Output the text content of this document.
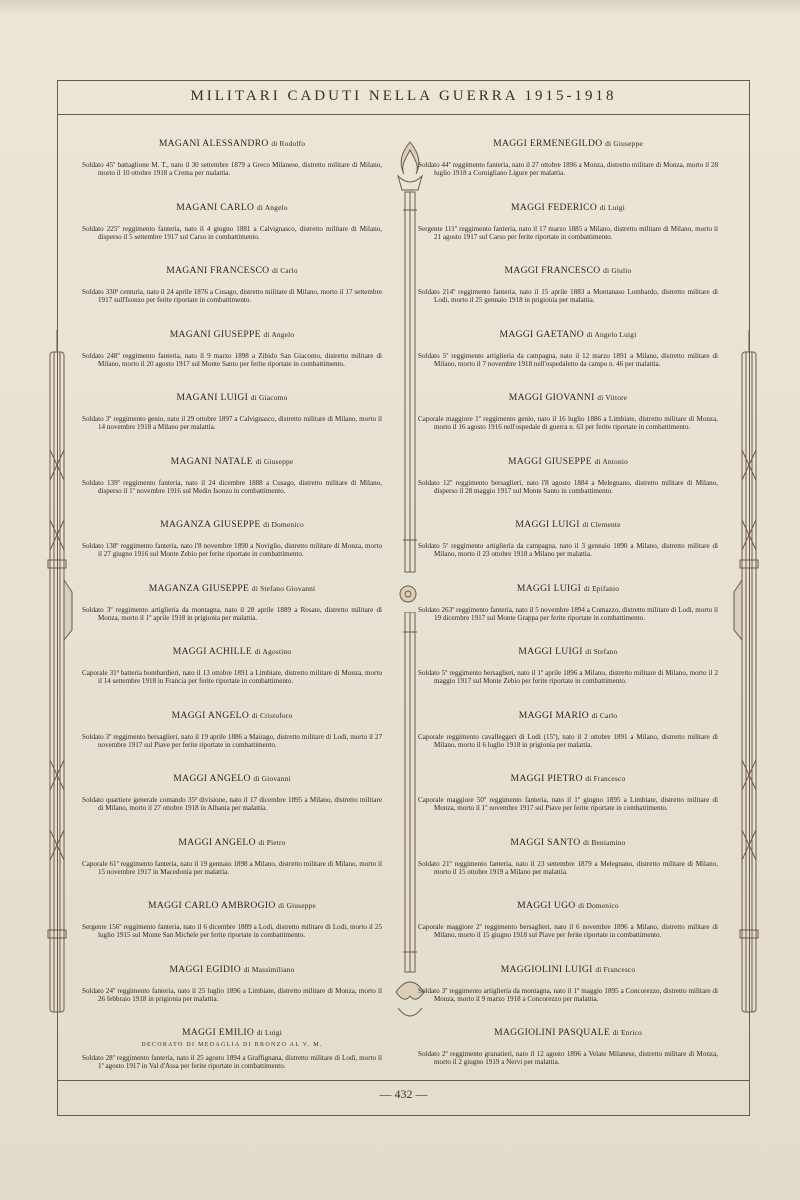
MILITARI CADUTI NELLA GUERRA 1915-1918
MAGANI ALESSANDRO di Rodolfo
Soldato 45º battaglione M. T., nato il 30 settembre 1879 a Greco Milanese, distretto militare di Milano, morto il 10 ottobre 1918 a Crema per malattia.
MAGANI CARLO di Angelo
Soldato 225º reggimento fanteria, nato il 4 giugno 1881 a Calvignasco, distretto militare di Milano, disperso il 5 settembre 1917 sul Carso in combattimento.
MAGANI FRANCESCO di Carlo
Soldato 330ª centuria, nato il 24 aprile 1876 a Cusago, distretto militare di Milano, morto il 17 settembre 1917 sull'Isonzo per ferite riportate in combattimento.
MAGANI GIUSEPPE di Angelo
Soldato 248º reggimento fanteria, nato il 9 marzo 1898 a Zibido San Giacomo, distretto militare di Milano, morto il 20 agosto 1917 sul Monte Santo per ferite riportate in combattimento.
MAGANI LUIGI di Giacomo
Soldato 3º reggimento genio, nato il 29 ottobre 1897 a Calvignasco, distretto militare di Milano, morto il 14 novembre 1918 a Milano per malattia.
MAGANI NATALE di Giuseppe
Soldato 139º reggimento fanteria, nato il 24 dicembre 1888 a Cusago, distretto militare di Milano, disperso il 1º novembre 1916 sul Medio Isonzo in combattimento.
MAGANZA GIUSEPPE di Domenico
Soldato 138º reggimento fanteria, nato l'8 novembre 1890 a Noviglio, distretto militare di Monza, morto il 27 giugno 1916 sul Monte Zebio per ferite riportate in combattimento.
MAGANZA GIUSEPPE di Stefano Giovanni
Soldato 3º reggimento artiglieria da montagna, nato il 28 aprile 1889 a Rosate, distretto militare di Monza, morto il 1º aprile 1918 in prigionia per malattia.
MAGGI ACHILLE di Agostino
Caporale 31ª batteria bombardieri, nato il 13 ottobre 1891 a Limbiate, distretto militare di Monza, morto il 14 settembre 1918 in Francia per ferite riportate in combattimento.
MAGGI ANGELO di Cristoforo
Soldato 3º reggimento bersaglieri, nato il 19 aprile 1886 a Mairago, distretto militare di Lodi, morto il 27 novembre 1917 sul Piave per ferite riportate in combattimento.
MAGGI ANGELO di Giovanni
Soldato quartiere generale comando 35ª divisione, nato il 17 dicembre 1895 a Milano, distretto militare di Milano, morto il 27 ottobre 1918 in Albania per malattia.
MAGGI ANGELO di Pietro
Caporale 61º reggimento fanteria, nato il 19 gennaio 1898 a Milano, distretto militare di Milano, morto il 15 novembre 1917 in Macedonia per malattia.
MAGGI CARLO AMBROGIO di Giuseppe
Sergente 156º reggimento fanteria, nato il 6 dicembre 1889 a Lodi, distretto militare di Lodi, morto il 25 luglio 1915 sul Monte San Michele per ferite riportate in combattimento.
MAGGI EGIDIO di Massimiliano
Soldato 24º reggimento fanteria, nato il 25 luglio 1896 a Limbiate, distretto militare di Monza, morto il 26 febbraio 1918 in prigionia per malattia.
MAGGI EMILIO di Luigi
DECORATO DI MEDAGLIA DI BRONZO AL V. M.
Soldato 28º reggimento fanteria, nato il 25 agosto 1894 a Graffignana, distretto militare di Lodi, morto il 1º agosto 1917 in Val d'Assa per ferite riportate in combattimento.
MAGGI ERMENEGILDO di Giuseppe
Soldato 44º reggimento fanteria, nato il 27 ottobre 1896 a Monza, distretto militare di Monza, morto il 28 luglio 1918 a Cornigliano Ligure per malattia.
MAGGI FEDERICO di Luigi
Sergente 111º reggimento fanteria, nato il 17 marzo 1885 a Milano, distretto militare di Milano, morto il 21 agosto 1917 sul Carso per ferite riportate in combattimento.
MAGGI FRANCESCO di Giulio
Soldato 214º reggimento fanteria, nato il 15 aprile 1883 a Montanaso Lombardo, distretto militare di Lodi, morto il 25 gennaio 1918 in prigionia per malattia.
MAGGI GAETANO di Angelo Luigi
Soldato 5º reggimento artiglieria da campagna, nato il 12 marzo 1891 a Milano, distretto militare di Milano, morto il 7 novembre 1918 nell'ospedaletto da campo n. 46 per malattia.
MAGGI GIOVANNI di Vittore
Caporale maggiore 1º reggimento genio, nato il 16 luglio 1886 a Limbiate, distretto militare di Monza, morto il 16 agosto 1916 nell'ospedale di guerra n. 63 per ferite riportate in combattimento.
MAGGI GIUSEPPE di Antonio
Soldato 12º reggimento bersaglieri, nato l'8 agosto 1884 a Melegnano, distretto militare di Milano, disperso il 28 maggio 1917 sul Monte Santo in combattimento.
MAGGI LUIGI di Clemente
Soldato 5º reggimento artiglieria da campagna, nato il 3 gennaio 1890 a Milano, distretto militare di Milano, morto il 23 ottobre 1918 a Milano per malattia.
MAGGI LUIGI di Epifanio
Soldato 263º reggimento fanteria, nato il 5 novembre 1894 a Comazzo, distretto militare di Lodi, morto il 19 dicembre 1917 sul Monte Grappa per ferite riportate in combattimento.
MAGGI LUIGI di Stefano
Soldato 5º reggimento bersaglieri, nato il 1º aprile 1896 a Milano, distretto militare di Milano, morto il 2 maggio 1917 sul Monte Zebio per ferite riportate in combattimento.
MAGGI MARIO di Carlo
Caporale reggimento cavalleggeri di Lodi (15º), nato il 2 ottobre 1891 a Milano, distretto militare di Milano, morto il 6 luglio 1918 in prigionia per malattia.
MAGGI PIETRO di Francesco
Caporale maggiore 50º reggimento fanteria, nato il 1º giugno 1895 a Limbiate, distretto militare di Monza, morto il 1º novembre 1917 sul Piave per ferite riportate in combattimento.
MAGGI SANTO di Beniamino
Soldato 21º reggimento fanteria, nato il 23 settembre 1879 a Melegnano, distretto militare di Milano, morto il 15 ottobre 1919 a Milano per malattia.
MAGGI UGO di Domenico
Caporale maggiore 2º reggimento bersaglieri, nato il 6 novembre 1896 a Milano, distretto militare di Milano, morto il 15 giugno 1918 sul Piave per ferite riportate in combattimento.
MAGGIOLINI LUIGI di Francesco
Soldato 3º reggimento artiglieria da montagna, nato il 1º maggio 1895 a Concorezzo, distretto militare di Monza, morto il 9 marzo 1918 a Concorezzo per malattia.
MAGGIOLINI PASQUALE di Enrico
Soldato 2º reggimento granatieri, nato il 12 agosto 1896 a Velate Milanese, distretto militare di Monza, morto il 2 giugno 1919 a Nervi per malattia.
— 432 —
